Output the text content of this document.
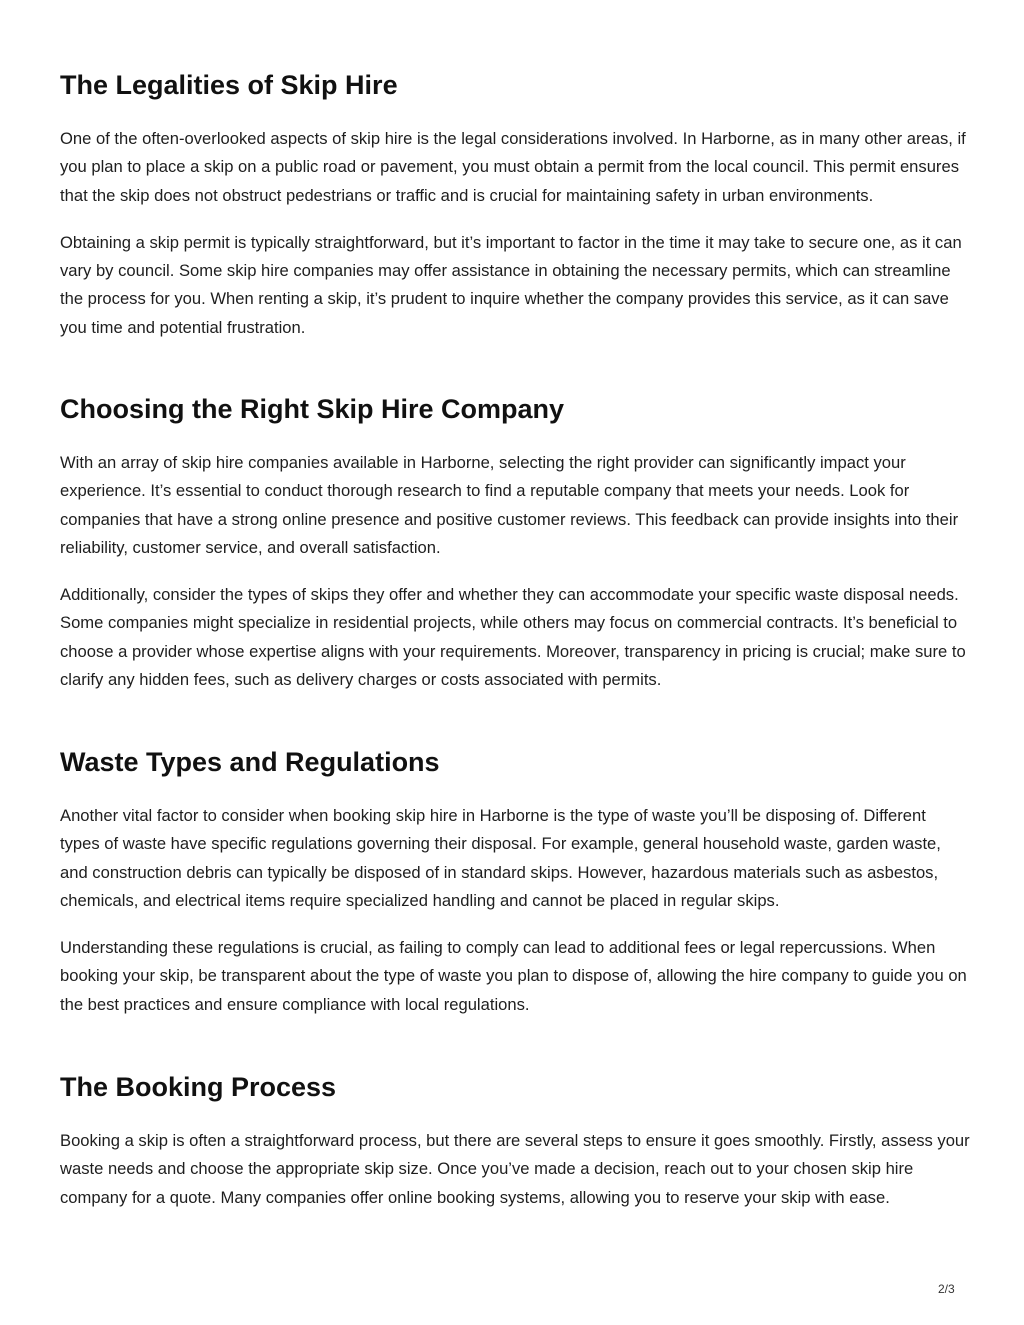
The Legalities of Skip Hire

One of the often-overlooked aspects of skip hire is the legal considerations involved. In Harborne, as in many other areas, if you plan to place a skip on a public road or pavement, you must obtain a permit from the local council. This permit ensures that the skip does not obstruct pedestrians or traffic and is crucial for maintaining safety in urban environments.

Obtaining a skip permit is typically straightforward, but it’s important to factor in the time it may take to secure one, as it can vary by council. Some skip hire companies may offer assistance in obtaining the necessary permits, which can streamline the process for you. When renting a skip, it’s prudent to inquire whether the company provides this service, as it can save you time and potential frustration.

Choosing the Right Skip Hire Company

With an array of skip hire companies available in Harborne, selecting the right provider can significantly impact your experience. It’s essential to conduct thorough research to find a reputable company that meets your needs. Look for companies that have a strong online presence and positive customer reviews. This feedback can provide insights into their reliability, customer service, and overall satisfaction.

Additionally, consider the types of skips they offer and whether they can accommodate your specific waste disposal needs. Some companies might specialize in residential projects, while others may focus on commercial contracts. It’s beneficial to choose a provider whose expertise aligns with your requirements. Moreover, transparency in pricing is crucial; make sure to clarify any hidden fees, such as delivery charges or costs associated with permits.

Waste Types and Regulations

Another vital factor to consider when booking skip hire in Harborne is the type of waste you’ll be disposing of. Different types of waste have specific regulations governing their disposal. For example, general household waste, garden waste, and construction debris can typically be disposed of in standard skips. However, hazardous materials such as asbestos, chemicals, and electrical items require specialized handling and cannot be placed in regular skips.

Understanding these regulations is crucial, as failing to comply can lead to additional fees or legal repercussions. When booking your skip, be transparent about the type of waste you plan to dispose of, allowing the hire company to guide you on the best practices and ensure compliance with local regulations.

The Booking Process

Booking a skip is often a straightforward process, but there are several steps to ensure it goes smoothly. Firstly, assess your waste needs and choose the appropriate skip size. Once you’ve made a decision, reach out to your chosen skip hire company for a quote. Many companies offer online booking systems, allowing you to reserve your skip with ease.

2/3
